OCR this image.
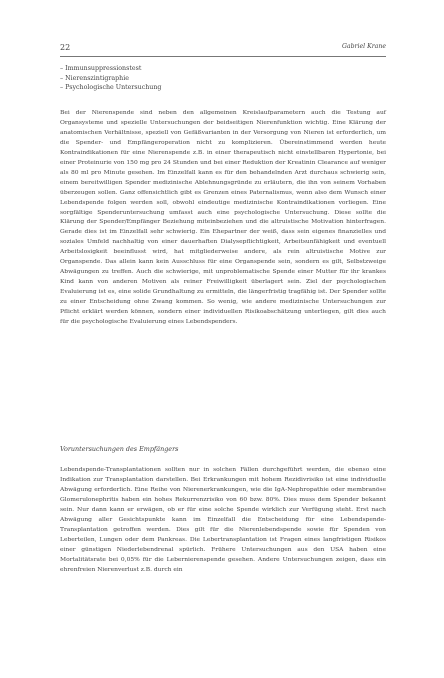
22	Gabriel Krane
– Immunsuppressionstest
– Nierenszintigraphie
– Psychologische Untersuchung

Bei der Nierenspende sind neben den allgemeinen Kreislaufparametern auch die Testung auf Organsysteme und spezielle Untersuchungen der beidseitigen Nierenfunktion wichtig. Eine Klärung der anatomischen Verhältnisse, speziell von Gefäßvarianten in der Versorgung von Nieren ist erforderlich, um die Spender- und Empfängeroperation nicht zu komplizieren. Übereinstimmend werden heute Kontraindikationen für eine Nierenspende z.B. in einer therapeutisch nicht einstellbaren Hypertonie, bei einer Proteinurie von 150 mg pro 24 Stunden und bei einer Reduktion der Kreatinin Clearance auf weniger als 80 ml pro Minute gesehen. Im Einzelfall kann es für den behandelnden Arzt durchaus schwierig sein, einem bereitwilligen Spender medizinische Ablehnungsgründe zu erläutern, die ihn von seinem Vorhaben überzeugen sollen. Ganz offensichtlich gibt es Grenzen eines Paternalismus, wenn also dem Wunsch einer Lebendspende folgen werden soll, obwohl eindeutige medizinische Kontraindikationen vorliegen. Eine sorgfältige Spenderuntersuchung umfasst auch eine psychologische Untersuchung. Diese sollte die Klärung der Spender/Empfänger Beziehung miteinbeziehen und die altruistische Motivation hinterfragen. Gerade dies ist im Einzelfall sehr schwierig. Ein Ehepartner der weiß, dass sein eigenes finanzielles und soziales Umfeld nachhaltig von einer dauerhaften Dialysepflichtigkeit, Arbeitsunfähigkeit und eventuell Arbeitslosigkeit beeinflusst wird, hat mitgliederweise andere, als rein altruistische Motive zur Organspende. Das allein kann kein Ausschluss für eine Organspende sein, sondern es gilt, Selbstzweige Abwägungen zu treffen. Auch die schwierige, mit unproblematische Spende einer Mutter für ihr krankes Kind kann von anderen Motiven als reiner Freiwilligkeit überlagert sein. Ziel der psychologischen Evaluierung ist es, eine solide Grundhaltung zu ermitteln, die längerfristig tragfähig ist. Der Spender sollte zu einer Entscheidung ohne Zwang kommen. So wenig, wie andere medizinische Untersuchungen zur Pflicht erklärt werden können, sondern einer individuellen Risikoabschätzung unterliegen, gilt dies auch für die psychologische Evaluierung eines Lebendspenders.

Voruntersuchungen des Empfängers

Lebendspende-Transplantationen sollten nur in solchen Fällen durchgeführt werden, die ebenso eine Indikation zur Transplantation darstellen. Bei Erkrankungen mit hohem Rezidivrisiko ist eine individuelle Abwägung erforderlich. Eine Reihe von Nierenerkrankungen, wie die IgA-Nephropathie oder membranöse Glomerulonephritis haben ein hohes Rekurrenzrisiko von 60 bzw. 80%. Dies muss dem Spender bekannt sein. Nur dann kann er erwägen, ob er für eine solche Spende wirklich zur Verfügung steht. Erst nach Abwägung aller Gesichtspunkte kann im Einzelfall die Entscheidung für eine Lebendspende-Transplantation getroffen werden. Dies gilt für die Nierenlebendspende sowie für Spenden von Leberteilen, Lungen oder dem Pankreas. Die Lebertransplantation ist Fragen eines langfristigen Risikos einer günstigen Niederlebendrenal spürlich. Frühere Untersuchungen aus den USA haben eine Mortalitätsrate bei 0,05% für die Lebernierenspende gesehen. Andere Untersuchungen zeigen, dass ein ehrenfreien Nierenverlust z.B. durch ein
